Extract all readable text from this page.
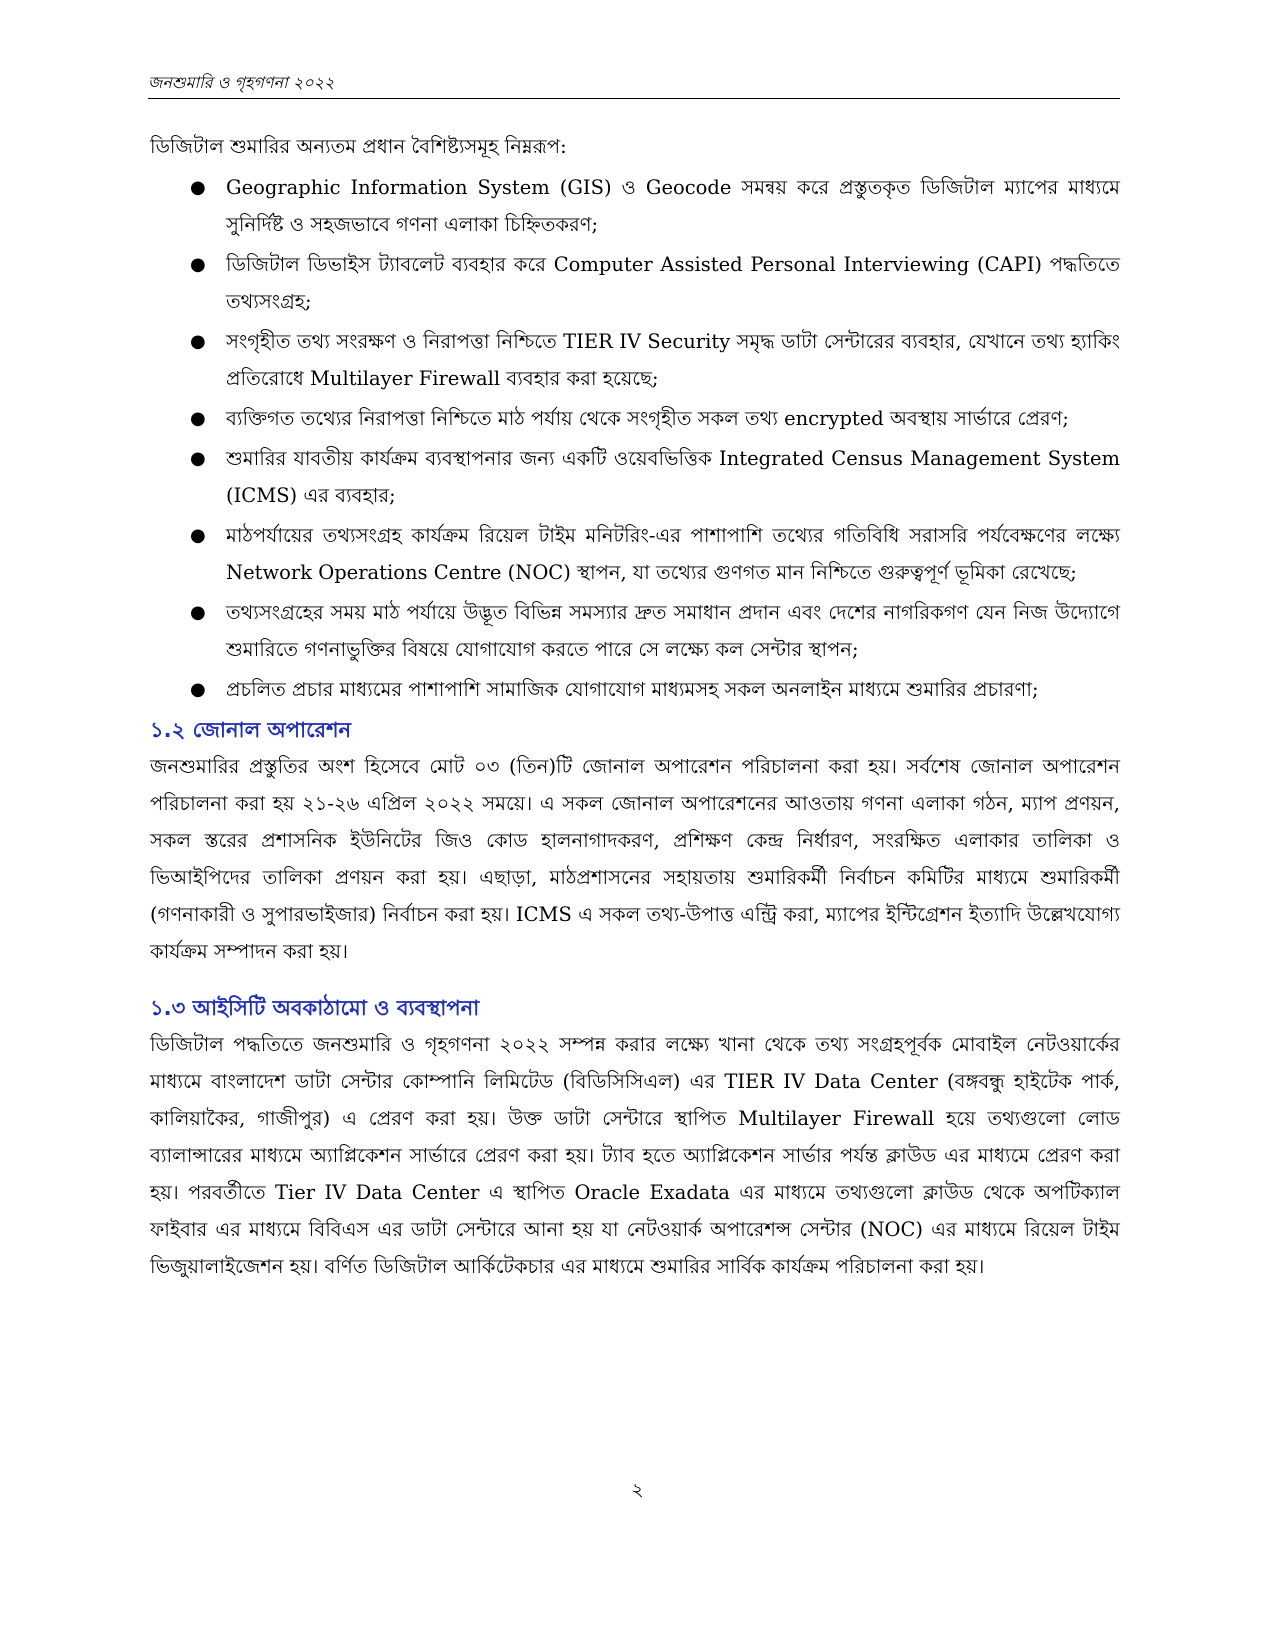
জনশুমারি ও গৃহগণনা ২০২২

ডিজিটাল শুমারির অন্যতম প্রধান বৈশিষ্ট্যসমূহ নিম্নরূপ:

● Geographic Information System (GIS) ও Geocode সমন্বয় করে প্রস্তুতকৃত ডিজিটাল ম্যাপের মাধ্যমে সুনির্দিষ্ট ও সহজভাবে গণনা এলাকা চিহ্নিতকরণ;
● ডিজিটাল ডিভাইস ট্যাবলেট ব্যবহার করে Computer Assisted Personal Interviewing (CAPI) পদ্ধতিতে তথ্যসংগ্রহ;
● সংগৃহীত তথ্য সংরক্ষণ ও নিরাপত্তা নিশ্চিতে TIER IV Security সমৃদ্ধ ডাটা সেন্টারের ব্যবহার, যেখানে তথ্য হ্যাকিং প্রতিরোধে Multilayer Firewall ব্যবহার করা হয়েছে;
● ব্যক্তিগত তথ্যের নিরাপত্তা নিশ্চিতে মাঠ পর্যায় থেকে সংগৃহীত সকল তথ্য encrypted অবস্থায় সার্ভারে প্রেরণ;
● শুমারির যাবতীয় কার্যক্রম ব্যবস্থাপনার জন্য একটি ওয়েবভিত্তিক Integrated Census Management System (ICMS) এর ব্যবহার;
● মাঠপর্যায়ের তথ্যসংগ্রহ কার্যক্রম রিয়েল টাইম মনিটরিং-এর পাশাপাশি তথ্যের গতিবিধি সরাসরি পর্যবেক্ষণের লক্ষ্যে Network Operations Centre (NOC) স্থাপন, যা তথ্যের গুণগত মান নিশ্চিতে গুরুত্বপূর্ণ ভূমিকা রেখেছে;
● তথ্যসংগ্রহের সময় মাঠ পর্যায়ে উদ্ভূত বিভিন্ন সমস্যার দ্রুত সমাধান প্রদান এবং দেশের নাগরিকগণ যেন নিজ উদ্যোগে শুমারিতে গণনাভুক্তির বিষয়ে যোগাযোগ করতে পারে সে লক্ষ্যে কল সেন্টার স্থাপন;
● প্রচলিত প্রচার মাধ্যমের পাশাপাশি সামাজিক যোগাযোগ মাধ্যমসহ সকল অনলাইন মাধ্যমে শুমারির প্রচারণা;
১.২ জোনাল অপারেশন

জনশুমারির প্রস্তুতির অংশ হিসেবে মোট ০৩ (তিন)টি জোনাল অপারেশন পরিচালনা করা হয়। সর্বশেষ জোনাল অপারেশন পরিচালনা করা হয় ২১-২৬ এপ্রিল ২০২২ সময়ে। এ সকল জোনাল অপারেশনের আওতায় গণনা এলাকা গঠন, ম্যাপ প্রণয়ন, সকল স্তরের প্রশাসনিক ইউনিটের জিও কোড হালনাগাদকরণ, প্রশিক্ষণ কেন্দ্র নির্ধারণ, সংরক্ষিত এলাকার তালিকা ও ভিআইপিদের তালিকা প্রণয়ন করা হয়। এছাড়া, মাঠপ্রশাসনের সহায়তায় শুমারিকর্মী নির্বাচন কমিটির মাধ্যমে শুমারিকর্মী (গণনাকারী ও সুপারভাইজার) নির্বাচন করা হয়। ICMS এ সকল তথ্য-উপাত্ত এন্ট্রি করা, ম্যাপের ইন্টিগ্রেশন ইত্যাদি উল্লেখযোগ্য কার্যক্রম সম্পাদন করা হয়।

১.৩ আইসিটি অবকাঠামো ও ব্যবস্থাপনা

ডিজিটাল পদ্ধতিতে জনশুমারি ও গৃহগণনা ২০২২ সম্পন্ন করার লক্ষ্যে খানা থেকে তথ্য সংগ্রহপূর্বক মোবাইল নেটওয়ার্কের মাধ্যমে বাংলাদেশ ডাটা সেন্টার কোম্পানি লিমিটেড (বিডিসিসিএল) এর TIER IV Data Center (বঙ্গবন্ধু হাইটেক পার্ক, কালিয়াকৈর, গাজীপুর) এ প্রেরণ করা হয়। উক্ত ডাটা সেন্টারে স্থাপিত Multilayer Firewall হয়ে তথ্যগুলো লোড ব্যালান্সারের মাধ্যমে অ্যাপ্লিকেশন সার্ভারে প্রেরণ করা হয়। ট্যাব হতে অ্যাপ্লিকেশন সার্ভার পর্যন্ত ক্লাউড এর মাধ্যমে প্রেরণ করা হয়। পরবর্তীতে Tier IV Data Center এ স্থাপিত Oracle Exadata এর মাধ্যমে তথ্যগুলো ক্লাউড থেকে অপটিক্যাল ফাইবার এর মাধ্যমে বিবিএস এর ডাটা সেন্টারে আনা হয় যা নেটওয়ার্ক অপারেশন্স সেন্টার (NOC) এর মাধ্যমে রিয়েল টাইম ভিজুয়ালাইজেশন হয়। বর্ণিত ডিজিটাল আর্কিটেকচার এর মাধ্যমে শুমারির সার্বিক কার্যক্রম পরিচালনা করা হয়।

২
